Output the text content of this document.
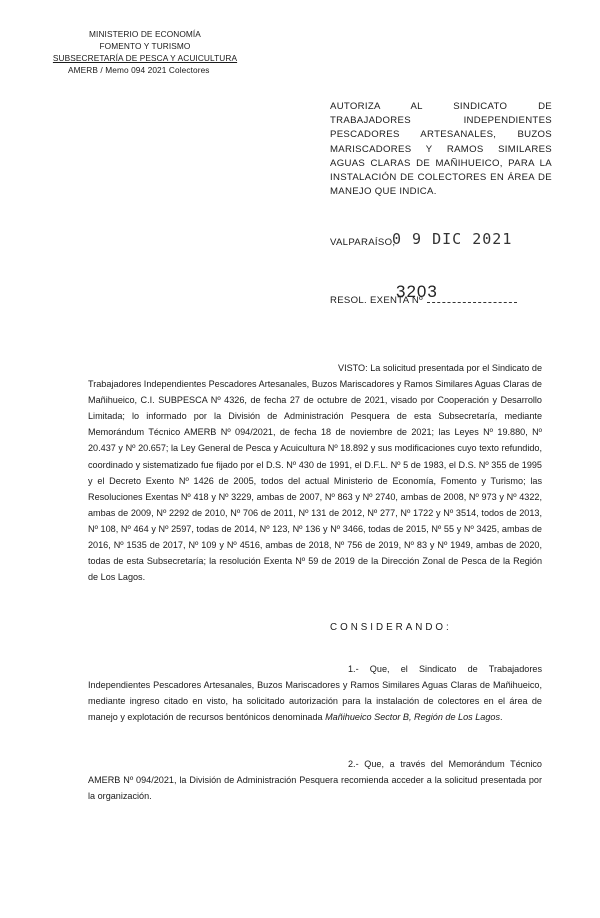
MINISTERIO DE ECONOMÍA
FOMENTO Y TURISMO
SUBSECRETARÍA DE PESCA Y ACUICULTURA
AMERB / Memo 094 2021 Colectores
AUTORIZA AL SINDICATO DE TRABAJADORES INDEPENDIENTES PESCADORES ARTESANALES, BUZOS MARISCADORES Y RAMOS SIMILARES AGUAS CLARAS DE MAÑIHUEICO, PARA LA INSTALACIÓN DE COLECTORES EN ÁREA DE MANEJO QUE INDICA.
VALPARAÍSO,
0 9 DIC 2021
RESOL. EXENTA Nº
3203
VISTO: La solicitud presentada por el Sindicato de Trabajadores Independientes Pescadores Artesanales, Buzos Mariscadores y Ramos Similares Aguas Claras de Mañihueico, C.I. SUBPESCA Nº 4326, de fecha 27 de octubre de 2021, visado por Cooperación y Desarrollo Limitada; lo informado por la División de Administración Pesquera de esta Subsecretaría, mediante Memorándum Técnico AMERB Nº 094/2021, de fecha 18 de noviembre de 2021; las Leyes Nº 19.880, Nº 20.437 y Nº 20.657; la Ley General de Pesca y Acuicultura Nº 18.892 y sus modificaciones cuyo texto refundido, coordinado y sistematizado fue fijado por el D.S. Nº 430 de 1991, el D.F.L. Nº 5 de 1983, el D.S. Nº 355 de 1995 y el Decreto Exento Nº 1426 de 2005, todos del actual Ministerio de Economía, Fomento y Turismo; las Resoluciones Exentas Nº 418 y Nº 3229, ambas de 2007, Nº 863 y Nº 2740, ambas de 2008, Nº 973 y Nº 4322, ambas de 2009, Nº 2292 de 2010, Nº 706 de 2011, Nº 131 de 2012, Nº 277, Nº 1722 y Nº 3514, todos de 2013, Nº 108, Nº 464 y Nº 2597, todas de 2014, Nº 123, Nº 136 y Nº 3466, todas de 2015, Nº 55 y Nº 3425, ambas de 2016, Nº 1535 de 2017, Nº 109 y Nº 4516, ambas de 2018, Nº 756 de 2019, Nº 83 y Nº 1949, ambas de 2020, todas de esta Subsecretaría; la resolución Exenta Nº 59 de 2019 de la Dirección Zonal de Pesca de la Región de Los Lagos.
CONSIDERANDO:
1.- Que, el Sindicato de Trabajadores Independientes Pescadores Artesanales, Buzos Mariscadores y Ramos Similares Aguas Claras de Mañihueico, mediante ingreso citado en visto, ha solicitado autorización para la instalación de colectores en el área de manejo y explotación de recursos bentónicos denominada Mañihueico Sector B, Región de Los Lagos.
2.- Que, a través del Memorándum Técnico AMERB Nº 094/2021, la División de Administración Pesquera recomienda acceder a la solicitud presentada por la organización.
